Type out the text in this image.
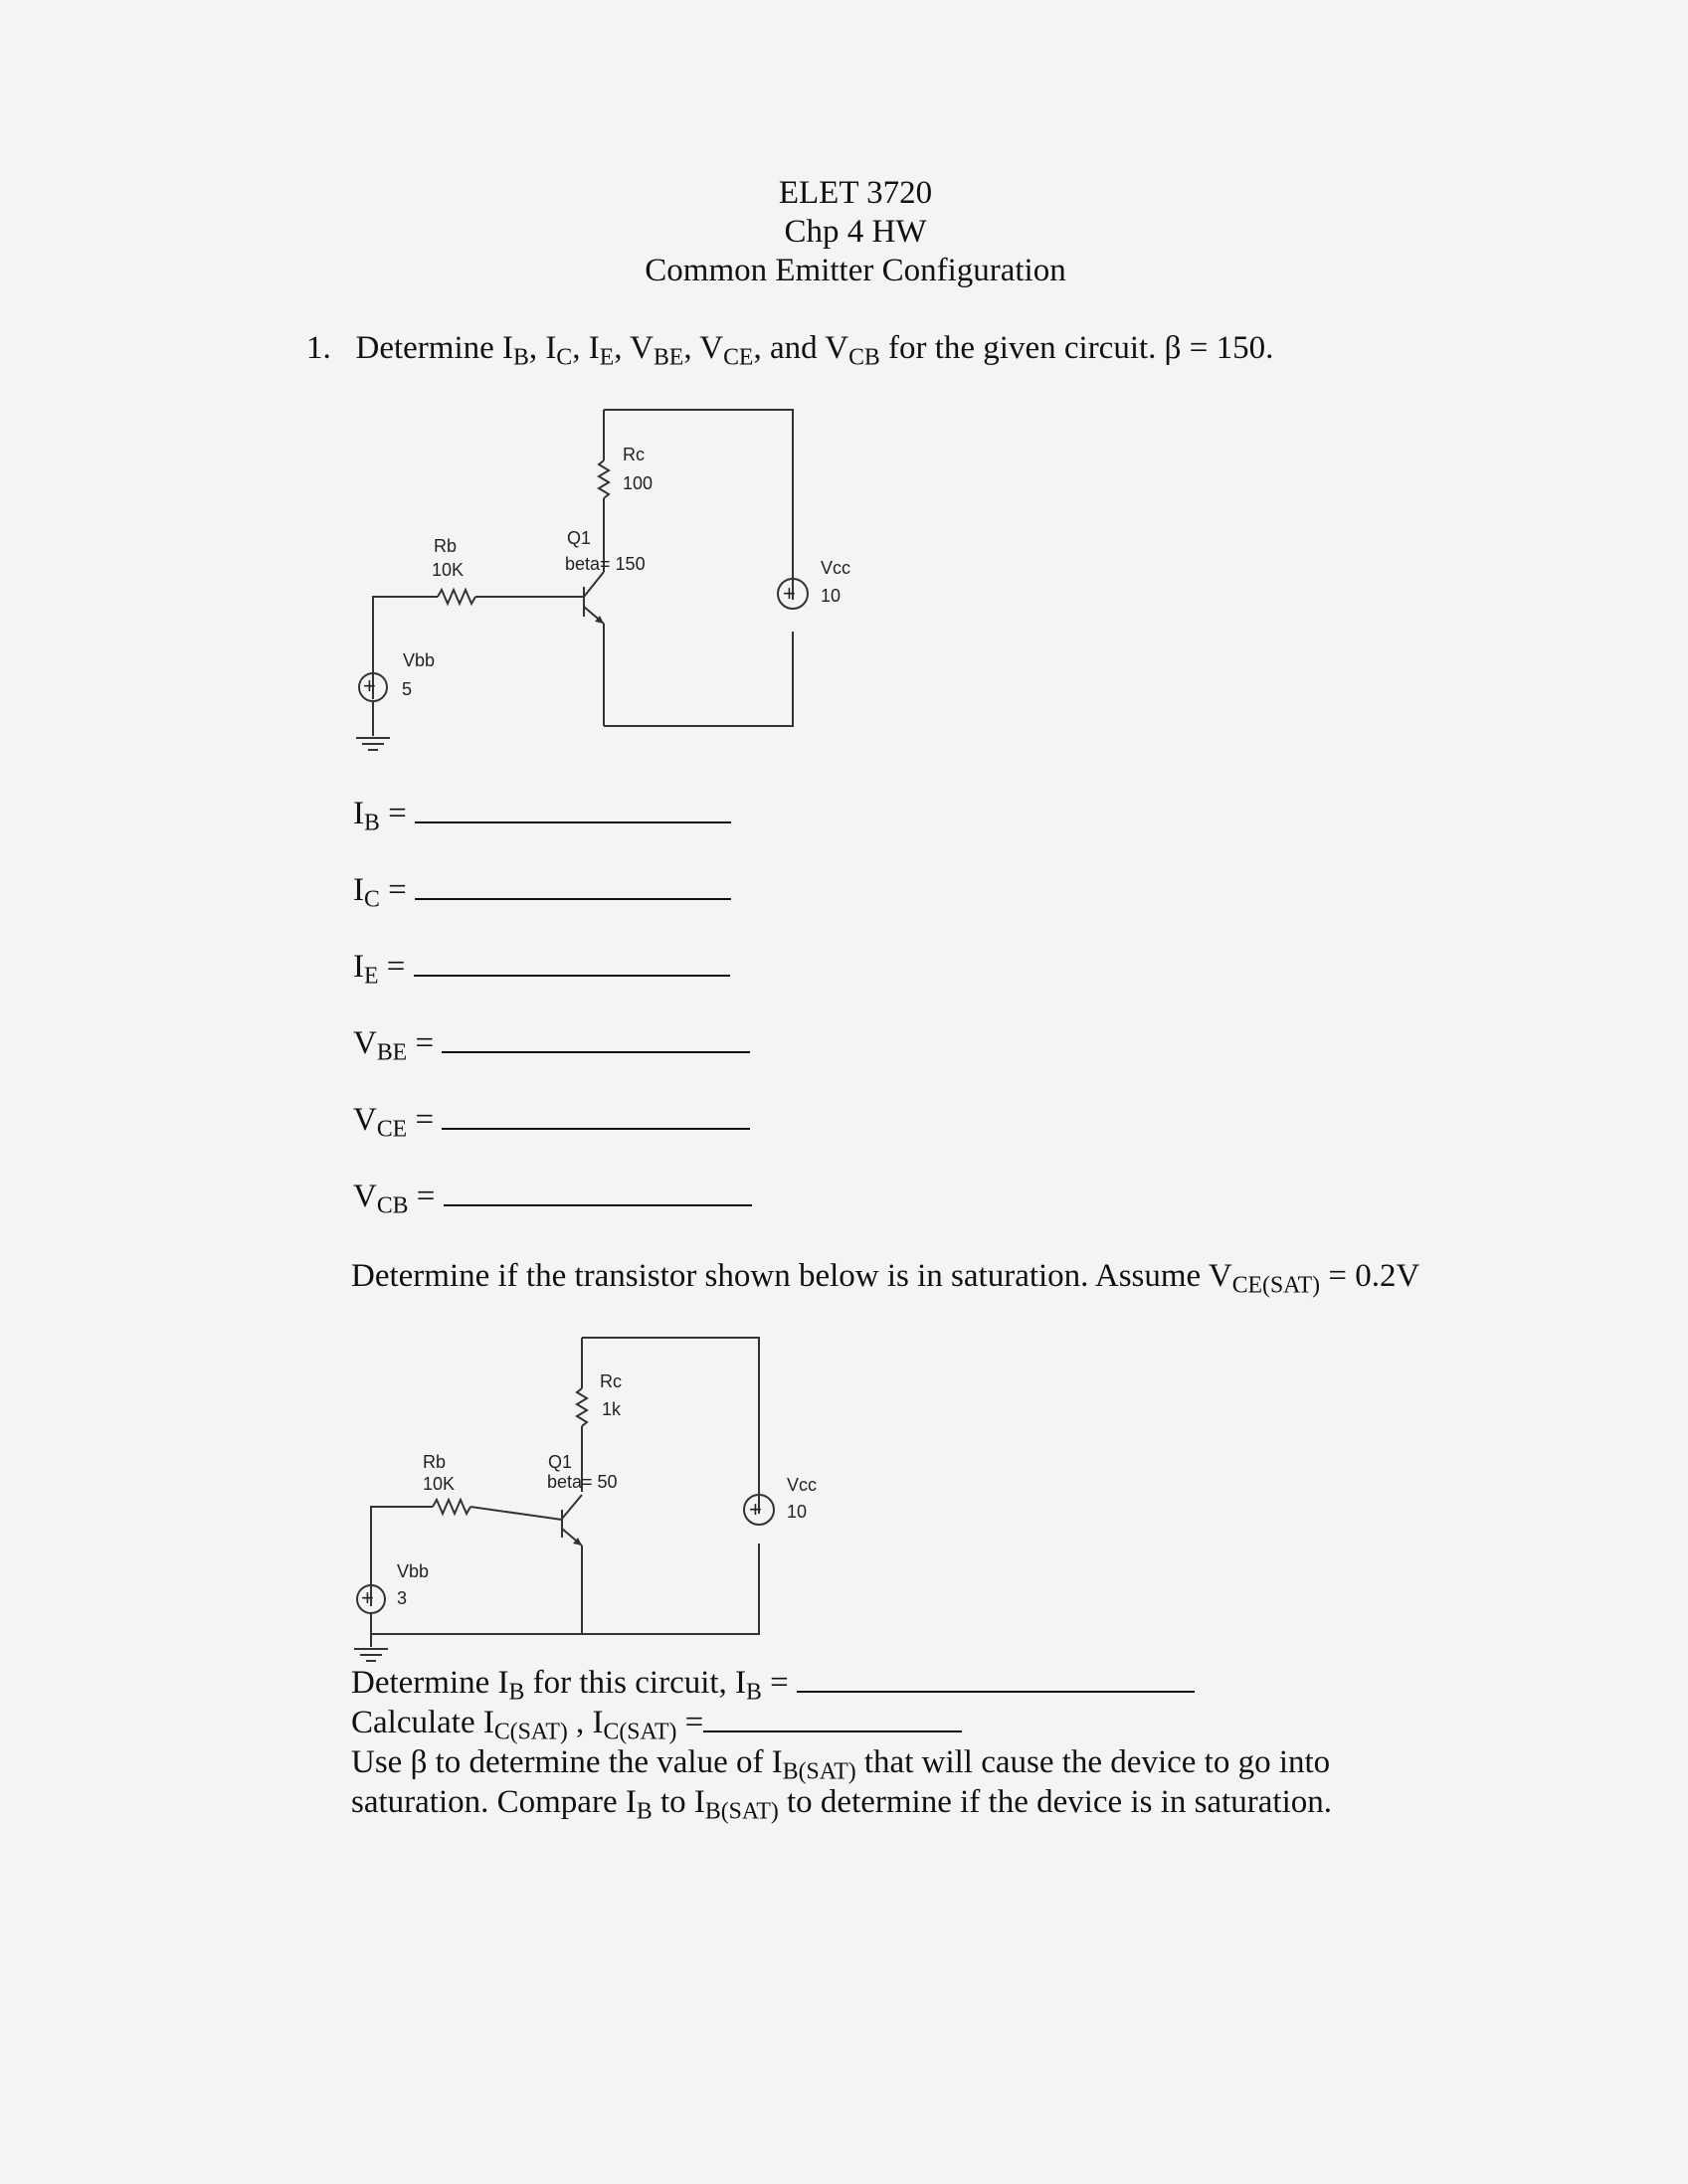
ELET 3720
Chp 4 HW
Common Emitter Configuration
1. Determine $I_B$, $I_C$, $I_E$, $V_{BE}$, $V_{CE}$, and $V_{CB}$ for the given circuit. β = 150.
+
+
Rc
100
Q1
beta= 150
Rb
10K	Vcc
10
Vbb
5
$I_B$ =
$I_C$ =
$I_E$ =
$V_{BE}$ =
$V_{CE}$ =
$V_{CB}$ =
Determine if the transistor shown below is in saturation. Assume $V_{CE(SAT)} = 0.2V$
+
+
Rc
1k
Q1
beta= 50
Rb
10K	Vcc
10
Vbb
3
Determine $I_B$ for this circuit, $I_B$ =
Calculate $I_{C(SAT)}$ , $I_{C(SAT)}$ =
Use β to determine the value of $I_{B(SAT)}$ that will cause the device to go into
saturation. Compare $I_B$ to $I_{B(SAT)}$ to determine if the device is in saturation.
